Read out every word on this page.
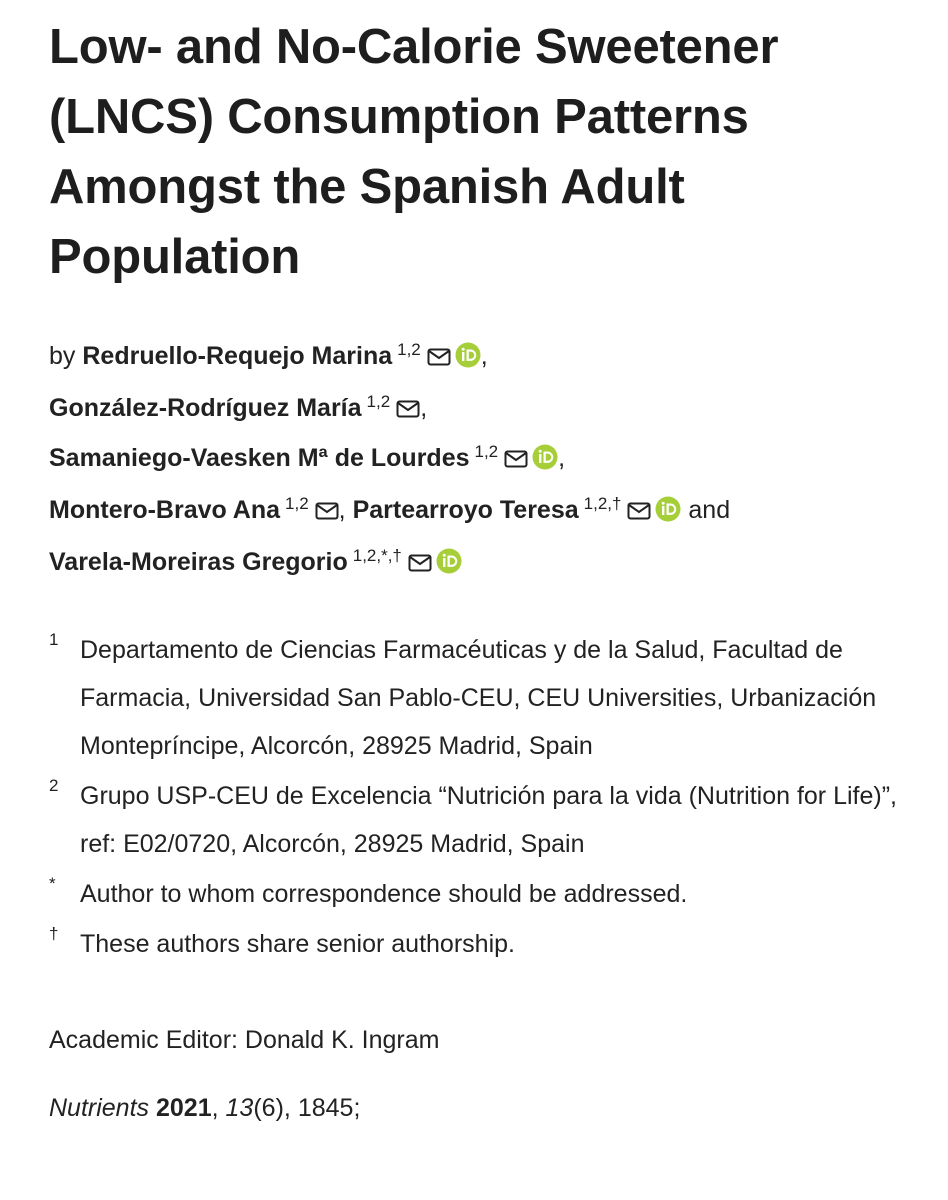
Low- and No-Calorie Sweetener (LNCS) Consumption Patterns Amongst the Spanish Adult Population
by Redruello-Requejo Marina $^{1,2}$ ,
González-Rodríguez María $^{1,2}$ ,
Samaniego-Vaesken Mª de Lourdes $^{1,2}$ ,
Montero-Bravo Ana $^{1,2}$ , Partearroyo Teresa $^{1,2,\dagger}$	and
Varela-Moreiras Gregorio $^{1,2,*,\dagger}$
1 Departamento de Ciencias Farmacéuticas y de la Salud, Facultad de Farmacia, Universidad San Pablo-CEU, CEU Universities, Urbanización Montepríncipe, Alcorcón, 28925 Madrid, Spain
2 Grupo USP-CEU de Excelencia “Nutrición para la vida (Nutrition for Life)”, ref: E02/0720, Alcorcón, 28925 Madrid, Spain
* Author to whom correspondence should be addressed.
† These authors share senior authorship.
Academic Editor: Donald K. Ingram
Nutrients 2021, 13(6), 1845;
